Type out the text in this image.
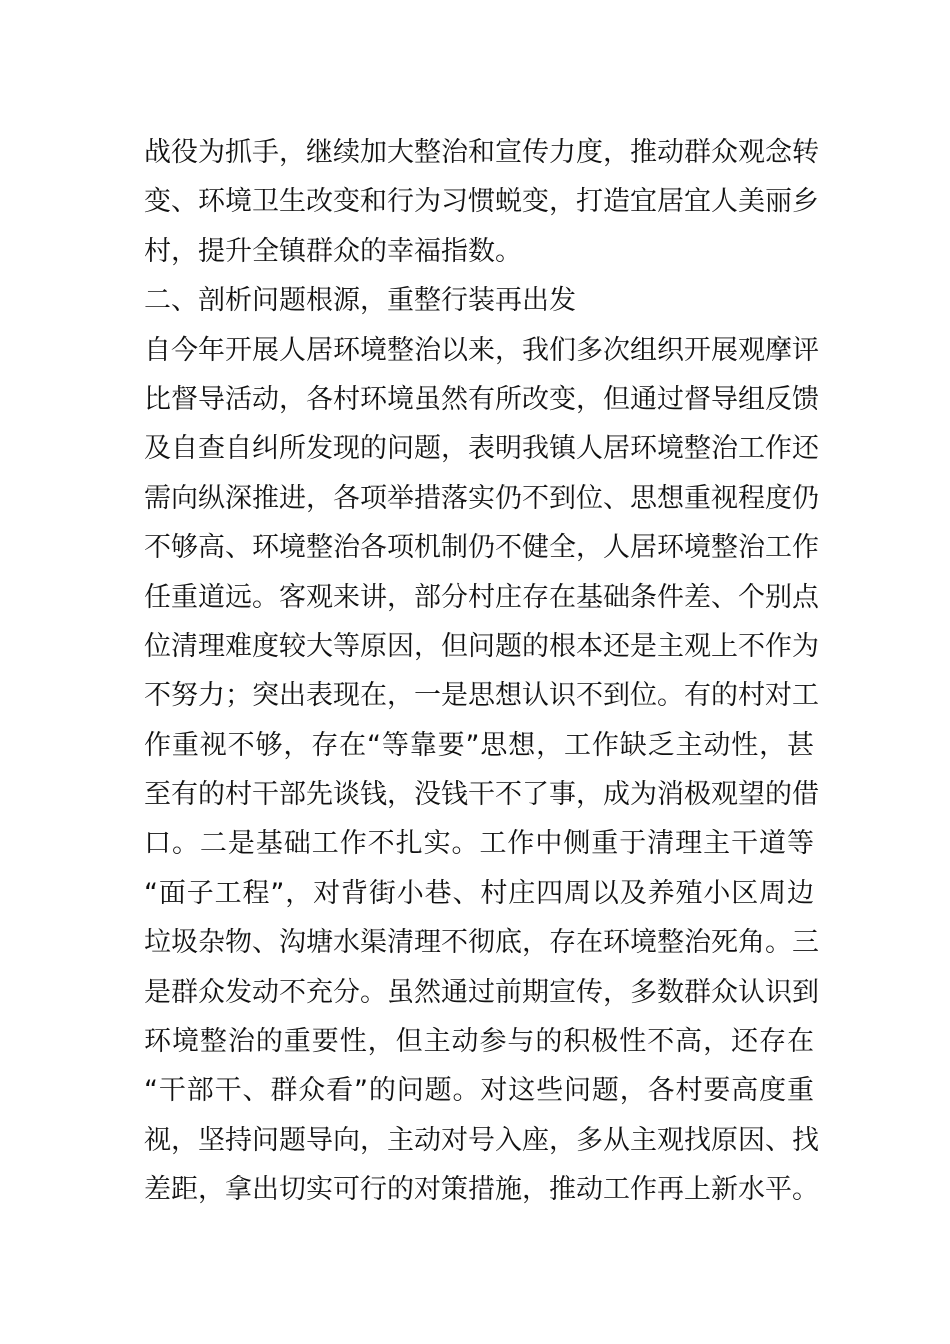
战役为抓手，继续加大整治和宣传力度，推动群众观念转
变、环境卫生改变和行为习惯蜕变，打造宜居宜人美丽乡
村，提升全镇群众的幸福指数。
二、剖析问题根源，重整行装再出发
自今年开展人居环境整治以来，我们多次组织开展观摩评
比督导活动，各村环境虽然有所改变，但通过督导组反馈
及自查自纠所发现的问题，表明我镇人居环境整治工作还
需向纵深推进，各项举措落实仍不到位、思想重视程度仍
不够高、环境整治各项机制仍不健全，人居环境整治工作
任重道远。客观来讲，部分村庄存在基础条件差、个别点
位清理难度较大等原因，但问题的根本还是主观上不作为
不努力；突出表现在，一是思想认识不到位。有的村对工
作重视不够，存在“等靠要”思想，工作缺乏主动性，甚
至有的村干部先谈钱，没钱干不了事，成为消极观望的借
口。二是基础工作不扎实。工作中侧重于清理主干道等
“面子工程”，对背街小巷、村庄四周以及养殖小区周边
垃圾杂物、沟塘水渠清理不彻底，存在环境整治死角。三
是群众发动不充分。虽然通过前期宣传，多数群众认识到
环境整治的重要性，但主动参与的积极性不高，还存在
“干部干、群众看”的问题。对这些问题，各村要高度重
视，坚持问题导向，主动对号入座，多从主观找原因、找
差距，拿出切实可行的对策措施，推动工作再上新水平。
